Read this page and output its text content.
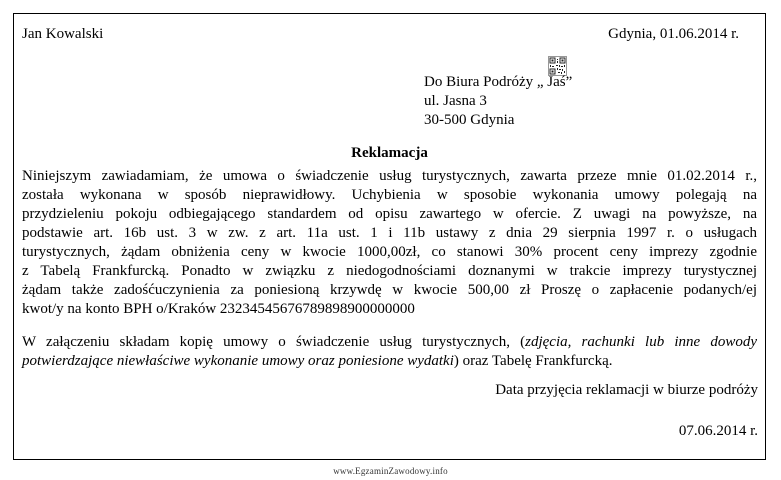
Jan Kowalski	Gdynia, 01.06.2014 r.
Do Biura Podróży „ Jaś”
ul. Jasna 3
30-500 Gdynia
Reklamacja
Niniejszym zawiadamiam, że umowa o świadczenie usług turystycznych, zawarta przeze mnie 01.02.2014 r.,
została wykonana w sposób nieprawidłowy. Uchybienia w sposobie wykonania umowy polegają na
przydzieleniu pokoju odbiegającego standardem od opisu zawartego w ofercie. Z uwagi na powyższe, na
podstawie art. 16b ust. 3 w zw. z art. 11a ust. 1 i 11b ustawy z dnia 29 sierpnia 1997 r. o usługach
turystycznych, żądam obniżenia ceny w kwocie 1000,00zł, co stanowi 30% procent ceny imprezy zgodnie
z Tabelą Frankfurcką. Ponadto w związku z niedogodnościami doznanymi w trakcie imprezy turystycznej
żądam także zadośćuczynienia za poniesioną krzywdę w kwocie 500,00 zł Proszę o zapłacenie podanych/ej
kwot/y na konto BPH o/Kraków 23234545676789898900000000
W załączeniu składam kopię umowy o świadczenie usług turystycznych, (zdjęcia, rachunki lub inne dowody
potwierdzające niewłaściwe wykonanie umowy oraz poniesione wydatki) oraz Tabelę Frankfurcką.
Data przyjęcia reklamacji w biurze podróży
07.06.2014 r.
www.EgzaminZawodowy.info
